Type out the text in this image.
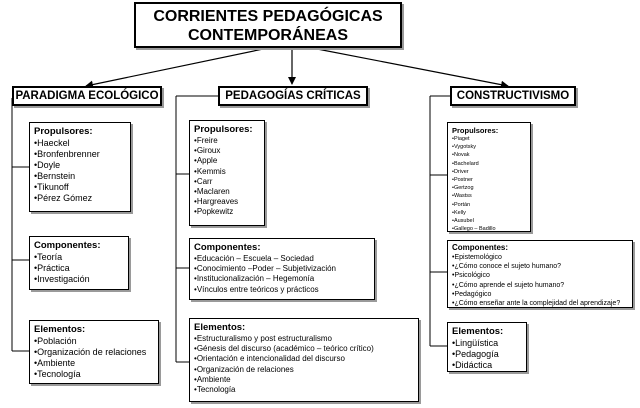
CORRIENTES PEDAGÓGICAS
CONTEMPORÁNEAS
PARADIGMA ECOLÓGICO
Propulsores:
• Haeckel
• Bronfenbrenner
• Doyle
• Bernstein
• Tikunoff
• Pérez Gómez
Componentes:
• Teoría
• Práctica
• Investigación
Elementos:
• Población
• Organización de relaciones
• Ambiente
• Tecnología
PEDAGOGÍAS CRÍTICAS
Propulsores:
• Freire
• Giroux
• Apple
• Kemmis
• Carr
• Maclaren
• Hargreaves
• Popkewitz
Componentes:
• Educación – Escuela – Sociedad
• Conocimiento –Poder – Subjetivización
• Institucionalización – Hegemonía
• Vínculos entre teóricos y prácticos
Elementos:
• Estructuralismo y post estructuralismo
• Génesis del discurso (académico – teórico crítico)
• Orientación e intencionalidad del discurso
• Organización de relaciones
• Ambiente
• Tecnología
CONSTRUCTIVISMO
Propulsores:
• Piaget
• Vygotsky
• Novak
• Bachelard
• Driver
• Postner
• Gertzog
• Wastss
• Portán
• Kelly
• Ausubel
• Gallego – Badillo
Componentes:
• Epistemológico
• ¿Cómo conoce el sujeto humano?
• Psicológico
• ¿Cómo aprende el sujeto humano?
• Pedagógico
• ¿Cómo enseñar ante la complejidad del aprendizaje?
Elementos:
• Lingüística
• Pedagogía
• Didáctica
